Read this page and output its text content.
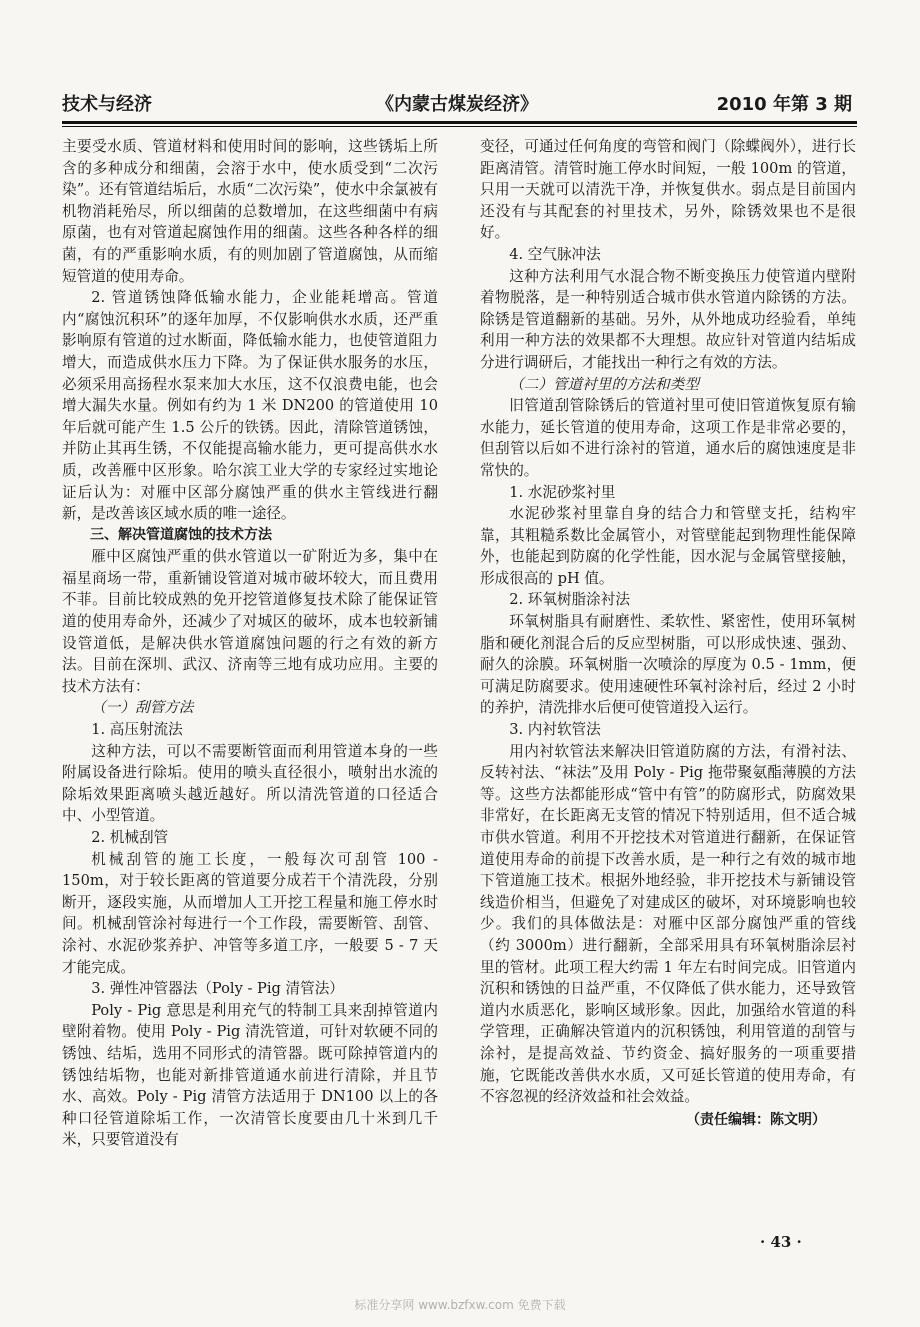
技术与经济	《内蒙古煤炭经济》	2010 年第 3 期

主要受水质、管道材料和使用时间的影响，这些锈垢上所含的多种成分和细菌，会溶于水中，使水质受到“二次污染”。还有管道结垢后，水质“二次污染”，使水中余氯被有机物消耗殆尽，所以细菌的总数增加，在这些细菌中有病原菌，也有对管道起腐蚀作用的细菌。这些各种各样的细菌，有的严重影响水质，有的则加剧了管道腐蚀，从而缩短管道的使用寿命。

2. 管道锈蚀降低输水能力，企业能耗增高。管道内“腐蚀沉积环”的逐年加厚，不仅影响供水水质，还严重影响原有管道的过水断面，降低输水能力，也使管道阻力增大，而造成供水压力下降。为了保证供水服务的水压，必须采用高扬程水泵来加大水压，这不仅浪费电能，也会增大漏失水量。例如有约为 1 米 DN200 的管道使用 10 年后就可能产生 1.5 公斤的铁锈。因此，清除管道锈蚀，并防止其再生锈，不仅能提高输水能力，更可提高供水水质，改善雁中区形象。哈尔滨工业大学的专家经过实地论证后认为：对雁中区部分腐蚀严重的供水主管线进行翻新，是改善该区域水质的唯一途径。

三、解决管道腐蚀的技术方法

雁中区腐蚀严重的供水管道以一矿附近为多，集中在福星商场一带，重新铺设管道对城市破坏较大，而且费用不菲。目前比较成熟的免开挖管道修复技术除了能保证管道的使用寿命外，还减少了对城区的破坏，成本也较新铺设管道低，是解决供水管道腐蚀问题的行之有效的新方法。目前在深圳、武汉、济南等三地有成功应用。主要的技术方法有：

（一）刮管方法
1. 高压射流法

这种方法，可以不需要断管面而利用管道本身的一些附属设备进行除垢。使用的喷头直径很小，喷射出水流的除垢效果距离喷头越近越好。所以清洗管道的口径适合中、小型管道。

2. 机械刮管

机械刮管的施工长度，一般每次可刮管 100 - 150m，对于较长距离的管道要分成若干个清洗段，分别断开，逐段实施，从而增加人工开挖工程量和施工停水时间。机械刮管涂衬每进行一个工作段，需要断管、刮管、涂衬、水泥砂浆养护、冲管等多道工序，一般要 5 - 7 天才能完成。

3. 弹性冲管器法（Poly - Pig 清管法）

Poly - Pig 意思是利用充气的特制工具来刮掉管道内壁附着物。使用 Poly - Pig 清洗管道，可针对软硬不同的锈蚀、结垢，选用不同形式的清管器。既可除掉管道内的锈蚀结垢物，也能对新排管道通水前进行清除，并且节水、高效。Poly - Pig 清管方法适用于 DN100 以上的各种口径管道除垢工作，一次清管长度要由几十米到几千米，只要管道没有

变径，可通过任何角度的弯管和阀门（除蝶阀外），进行长距离清管。清管时施工停水时间短，一般 100m 的管道，只用一天就可以清洗干净，并恢复供水。弱点是目前国内还没有与其配套的衬里技术，另外，除锈效果也不是很好。

4. 空气脉冲法

这种方法利用气水混合物不断变换压力使管道内壁附着物脱落，是一种特别适合城市供水管道内除锈的方法。除锈是管道翻新的基础。另外，从外地成功经验看，单纯利用一种方法的效果都不大理想。故应针对管道内结垢成分进行调研后，才能找出一种行之有效的方法。

（二）管道衬里的方法和类型

旧管道刮管除锈后的管道衬里可使旧管道恢复原有输水能力，延长管道的使用寿命，这项工作是非常必要的，但刮管以后如不进行涂衬的管道，通水后的腐蚀速度是非常快的。

1. 水泥砂浆衬里

水泥砂浆衬里靠自身的结合力和管壁支托，结构牢靠，其粗糙系数比金属管小，对管壁能起到物理性能保障外，也能起到防腐的化学性能，因水泥与金属管壁接触，形成很高的 pH 值。

2. 环氧树脂涂衬法

环氧树脂具有耐磨性、柔软性、紧密性，使用环氧树脂和硬化剂混合后的反应型树脂，可以形成快速、强劲、耐久的涂膜。环氧树脂一次喷涂的厚度为 0.5 - 1mm，便可满足防腐要求。使用速硬性环氧衬涂衬后，经过 2 小时的养护，清洗排水后便可使管道投入运行。

3. 内衬软管法

用内衬软管法来解决旧管道防腐的方法，有滑衬法、反转衬法、“袜法”及用 Poly - Pig 拖带聚氨酯薄膜的方法等。这些方法都能形成“管中有管”的防腐形式，防腐效果非常好，在长距离无支管的情况下特别适用，但不适合城市供水管道。利用不开挖技术对管道进行翻新，在保证管道使用寿命的前提下改善水质，是一种行之有效的城市地下管道施工技术。根据外地经验，非开挖技术与新铺设管线造价相当，但避免了对建成区的破坏，对环境影响也较少。我们的具体做法是：对雁中区部分腐蚀严重的管线（约 3000m）进行翻新，全部采用具有环氧树脂涂层衬里的管材。此项工程大约需 1 年左右时间完成。旧管道内沉积和锈蚀的日益严重，不仅降低了供水能力，还导致管道内水质恶化，影响区域形象。因此，加强给水管道的科学管理，正确解决管道内的沉积锈蚀，利用管道的刮管与涂衬，是提高效益、节约资金、搞好服务的一项重要措施，它既能改善供水水质，又可延长管道的使用寿命，有不容忽视的经济效益和社会效益。

（责任编辑：陈文明）
· 43 ·
标准分享网 www.bzfxw.com 免费下载
